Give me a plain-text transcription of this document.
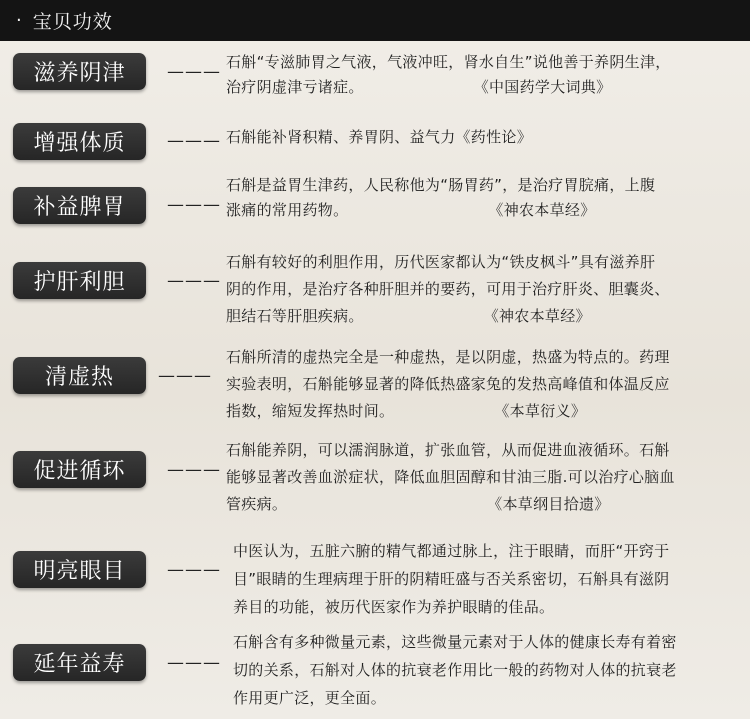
· 宝贝功效
滋养阴津	——— 石斛“专滋肺胃之气液，气液冲旺，肾水自生”说他善于养阴生津，
治疗阴虚津亏诸症。	《中国药学大词典》
增强体质	——— 石斛能补肾积精、养胃阴、益气力《药性论》
补益脾胃	———
石斛是益胃生津药，人民称他为“肠胃药”，是治疗胃脘痛，上腹
涨痛的常用药物。	《神农本草经》
护肝利胆	———
石斛有较好的利胆作用，历代医家都认为“铁皮枫斗”具有滋养肝
阴的作用，是治疗各种肝胆并的要药，可用于治疗肝炎、胆囊炎、
胆结石等肝胆疾病。	《神农本草经》
清虚热	———
石斛所清的虚热完全是一种虚热，是以阴虚，热盛为特点的。药理
实验表明，石斛能够显著的降低热盛家兔的发热高峰值和体温反应
指数，缩短发挥热时间。	《本草衍义》
促进循环	———
石斛能养阴，可以濡润脉道，扩张血管，从而促进血液循环。石斛
能够显著改善血淤症状，降低血胆固醇和甘油三脂.可以治疗心脑血
管疾病。	《本草纲目拾遗》
明亮眼目	———
中医认为，五脏六腑的精气都通过脉上，注于眼睛，而肝“开窍于
目”眼睛的生理病理于肝的阴精旺盛与否关系密切，石斛具有滋阴
养目的功能，被历代医家作为养护眼睛的佳品。
延年益寿	———
石斛含有多种微量元素，这些微量元素对于人体的健康长寿有着密
切的关系，石斛对人体的抗衰老作用比一般的药物对人体的抗衰老
作用更广泛，更全面。
